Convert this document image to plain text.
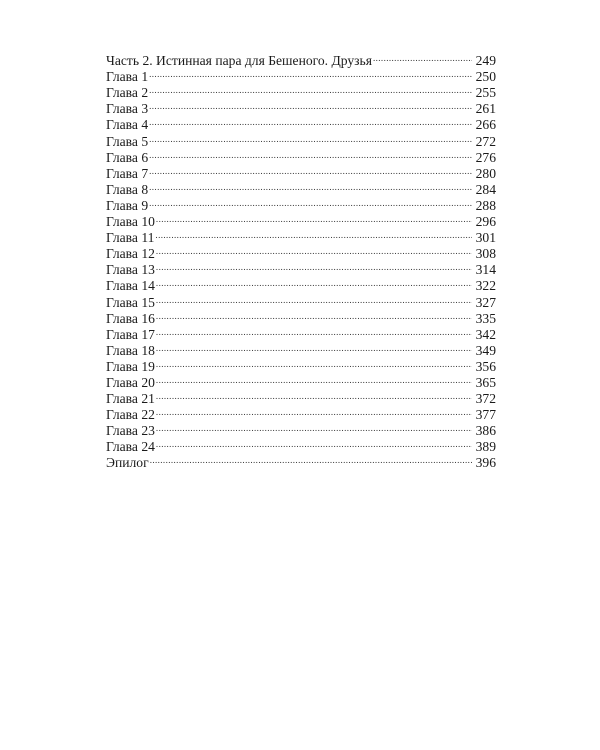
Часть 2. Истинная пара для Бешеного. Друзья .....	249
Глава 1 .....	250
Глава 2 .....	255
Глава 3 .....	261
Глава 4 .....	266
Глава 5 .....	272
Глава 6 .....	276
Глава 7 .....	280
Глава 8 .....	284
Глава 9 .....	288
Глава 10 .....	296
Глава 11 .....	301
Глава 12 .....	308
Глава 13 .....	314
Глава 14 .....	322
Глава 15 .....	327
Глава 16 .....	335
Глава 17 .....	342
Глава 18 .....	349
Глава 19 .....	356
Глава 20 .....	365
Глава 21 .....	372
Глава 22 .....	377
Глава 23 .....	386
Глава 24 .....	389
Эпилог .....	396
